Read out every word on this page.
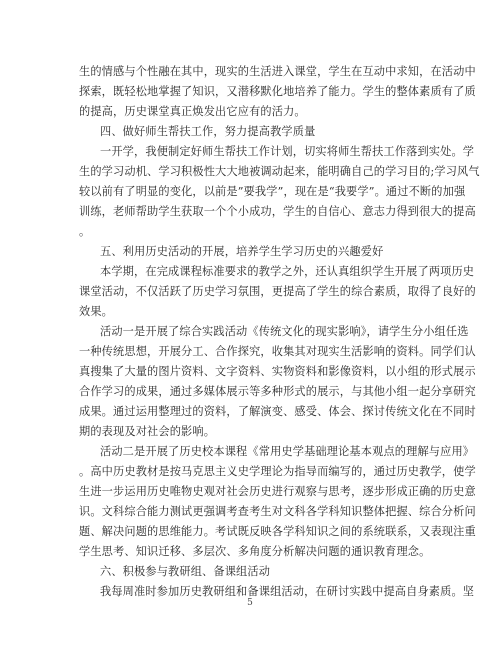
生的情感与个性融在其中，现实的生活进入课堂，学生在互动中求知，在活动中
探索，既轻松地掌握了知识，又潜移默化地培养了能力。学生的整体素质有了质
的提高，历史课堂真正焕发出它应有的活力。
四、做好师生帮扶工作，努力提高教学质量
一开学，我便制定好师生帮扶工作计划，切实将师生帮扶工作落到实处。学
生的学习动机、学习积极性大大地被调动起来，能明确自己的学习目的;学习风气
较以前有了明显的变化，以前是”要我学”，现在是“我要学”。通过不断的加强
训练，老师帮助学生获取一个个小成功，学生的自信心、意志力得到很大的提高
。
五、利用历史活动的开展，培养学生学习历史的兴趣爱好
本学期，在完成课程标准要求的教学之外，还认真组织学生开展了两项历史
课堂活动，不仅活跃了历史学习氛围，更提高了学生的综合素质，取得了良好的
效果。
活动一是开展了综合实践活动《传统文化的现实影响》，请学生分小组任选
一种传统思想，开展分工、合作探究，收集其对现实生活影响的资料。同学们认
真搜集了大量的图片资料、文字资料、实物资料和影像资料，以小组的形式展示
合作学习的成果，通过多媒体展示等多种形式的展示，与其他小组一起分享研究
成果。通过运用整理过的资料，了解演变、感受、体会、探讨传统文化在不同时
期的表现及对社会的影响。
活动二是开展了历史校本课程《常用史学基础理论基本观点的理解与应用》
。高中历史教材是按马克思主义史学理论为指导而编写的，通过历史教学，使学
生进一步运用历史唯物史观对社会历史进行观察与思考，逐步形成正确的历史意
识。文科综合能力测试更强调考查考生对文科各学科知识整体把握、综合分析问
题、解决问题的思维能力。考试既反映各学科知识之间的系统联系，又表现注重
学生思考、知识迁移、多层次、多角度分析解决问题的通识教育理念。
六、积极参与教研组、备课组活动
我每周准时参加历史教研组和备课组活动，在研讨实践中提高自身素质。坚
5
